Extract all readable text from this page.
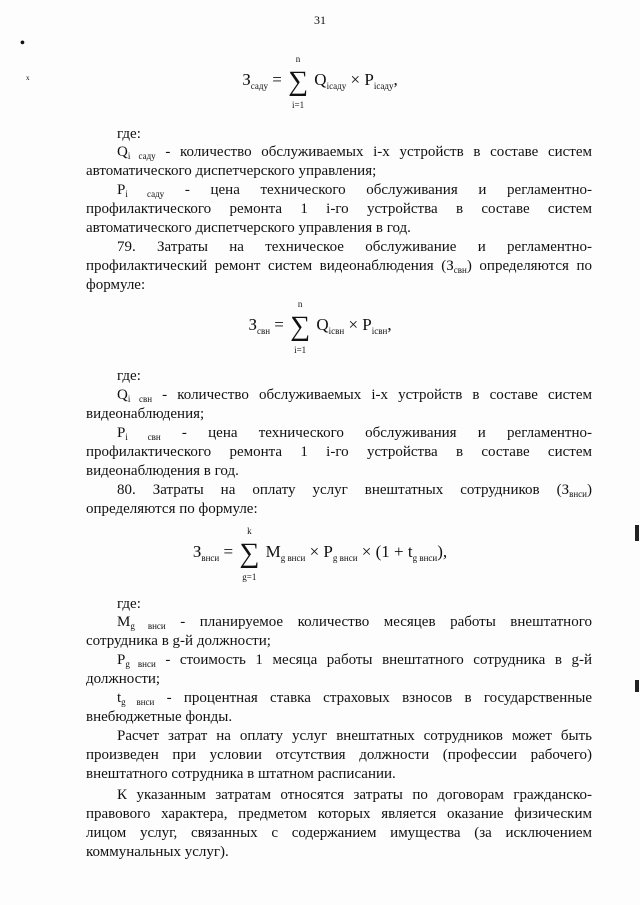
31
•
ₓ	$З_{саду}$ = ∑
n
i=1
$Q_{iсаду} \times P_{iсаду}$,
где:
$Q_{i саду}$ - количество обслуживаемых i-х устройств в составе систем
автоматического диспетчерского управления;
$P_{i саду}$ - цена технического обслуживания и регламентно-
профилактического ремонта 1 i-го устройства в составе систем
автоматического диспетчерского управления в год.
79. Затраты на техническое обслуживание и регламентно-
профилактический ремонт систем видеонаблюдения $(З_{свн})$ определяются по
формуле:
$З_{свн}$ = ∑
n
i=1
$Q_{iсвн} \times P_{iсвн}$,
где:
$Q_{i свн}$ - количество обслуживаемых i-х устройств в составе систем
видеонаблюдения;
$P_{i свн}$ - цена технического обслуживания и регламентно-
профилактического ремонта 1 i-го устройства в составе систем
видеонаблюдения в год.
80. Затраты на оплату услуг внештатных сотрудников $(З_{внси})$
определяются по формуле:
$З_{внси}$ = ∑
k
g=1
$M_{g внси} \times P_{g внси} \times (1 + t_{g внси})$,
где:
$M_{g внси}$ - планируемое количество месяцев работы внештатного
сотрудника в g-й должности;
$P_{g внси}$ - стоимость 1 месяца работы внештатного сотрудника в g-й
должности;
$t_{g внси}$ - процентная ставка страховых взносов в государственные
внебюджетные фонды.
Расчет затрат на оплату услуг внештатных сотрудников может быть
произведен при условии отсутствия должности (профессии рабочего)
внештатного сотрудника в штатном расписании.
К указанным затратам относятся затраты по договорам гражданско-
правового характера, предметом которых является оказание физическим
лицом услуг, связанных с содержанием имущества (за исключением
коммунальных услуг).
